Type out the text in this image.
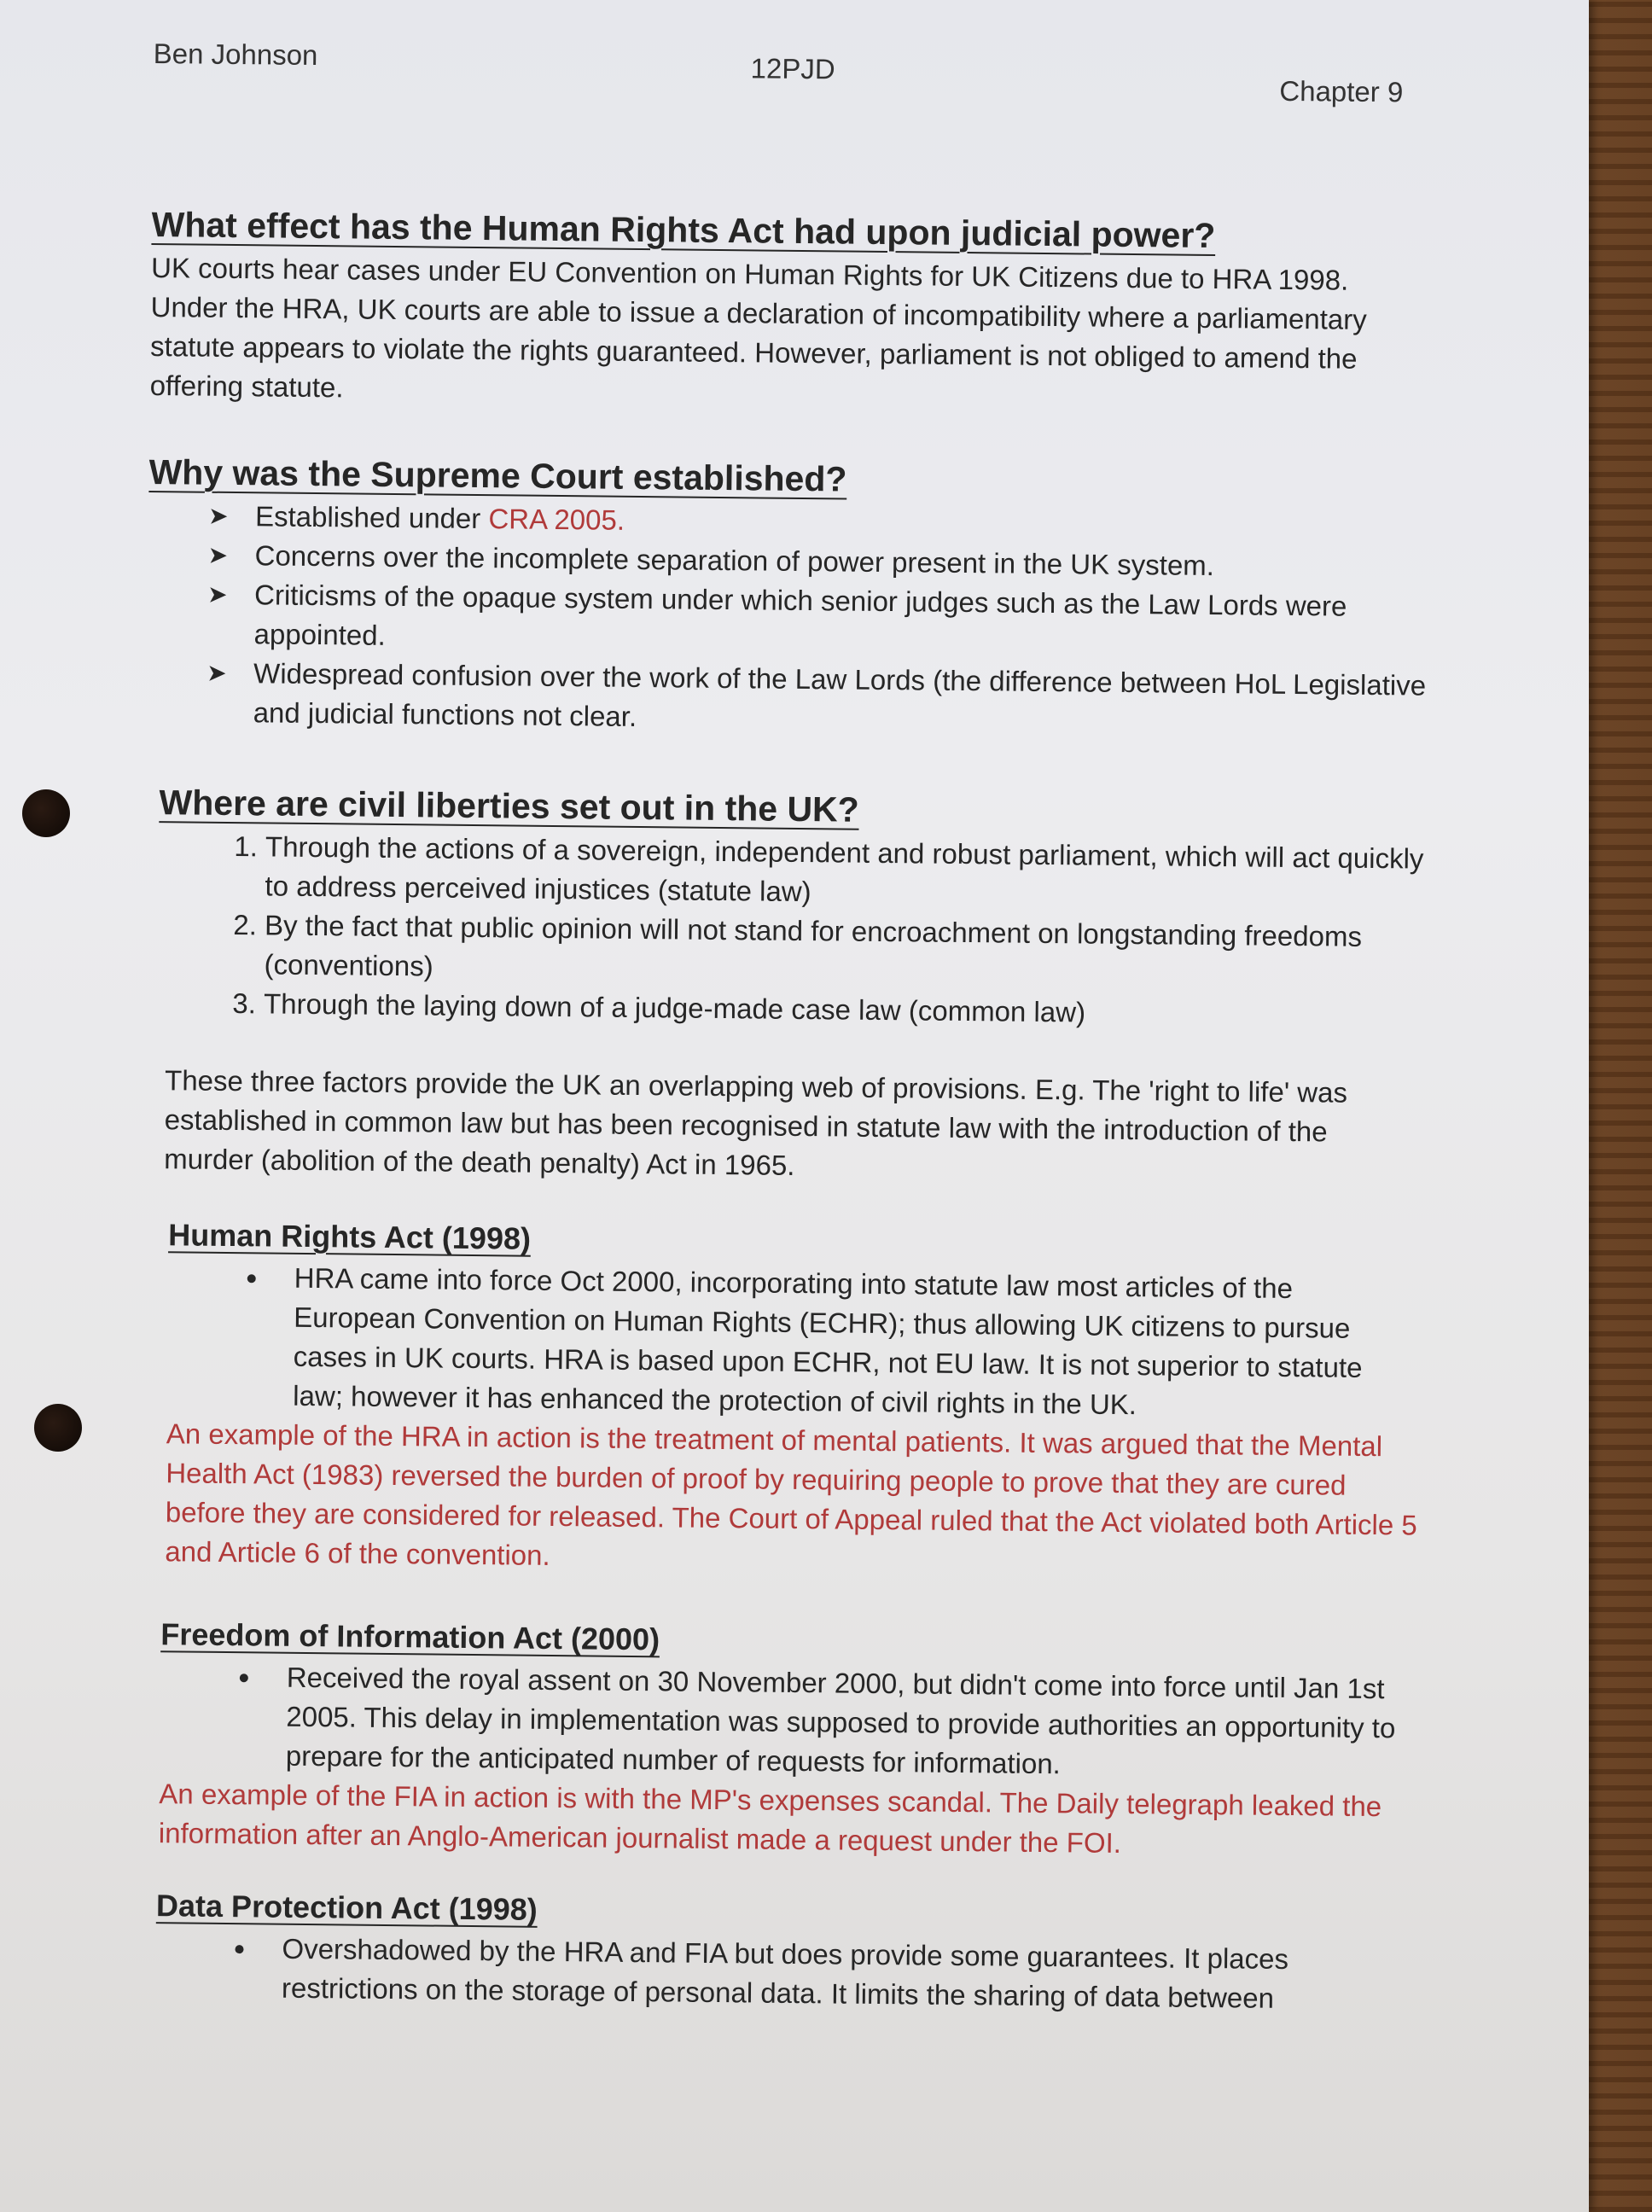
Ben Johnson	12PJD
Chapter 9
What effect has the Human Rights Act had upon judicial power?

UK courts hear cases under EU Convention on Human Rights for UK Citizens due to HRA 1998. Under the HRA, UK courts are able to issue a declaration of incompatibility where a parliamentary statute appears to violate the rights guaranteed. However, parliament is not obliged to amend the offering statute.

Why was the Supreme Court established?
➤ Established under CRA 2005.
➤ Concerns over the incomplete separation of power present in the UK system.
➤ Criticisms of the opaque system under which senior judges such as the Law Lords were appointed.
➤ Widespread confusion over the work of the Law Lords (the difference between HoL Legislative and judicial functions not clear.
Where are civil liberties set out in the UK?
1. Through the actions of a sovereign, independent and robust parliament, which will act quickly to address perceived injustices (statute law)
2. By the fact that public opinion will not stand for encroachment on longstanding freedoms (conventions)
3. Through the laying down of a judge-made case law (common law)

These three factors provide the UK an overlapping web of provisions. E.g. The 'right to life' was established in common law but has been recognised in statute law with the introduction of the murder (abolition of the death penalty) Act in 1965.

Human Rights Act (1998)
• HRA came into force Oct 2000, incorporating into statute law most articles of the European Convention on Human Rights (ECHR); thus allowing UK citizens to pursue cases in UK courts. HRA is based upon ECHR, not EU law. It is not superior to statute law; however it has enhanced the protection of civil rights in the UK.

An example of the HRA in action is the treatment of mental patients. It was argued that the Mental Health Act (1983) reversed the burden of proof by requiring people to prove that they are cured before they are considered for released. The Court of Appeal ruled that the Act violated both Article 5 and Article 6 of the convention.

Freedom of Information Act (2000)
• Received the royal assent on 30 November 2000, but didn't come into force until Jan 1st 2005. This delay in implementation was supposed to provide authorities an opportunity to prepare for the anticipated number of requests for information.

An example of the FIA in action is with the MP's expenses scandal. The Daily telegraph leaked the information after an Anglo-American journalist made a request under the FOI.

Data Protection Act (1998)
• Overshadowed by the HRA and FIA but does provide some guarantees. It places restrictions on the storage of personal data. It limits the sharing of data between
